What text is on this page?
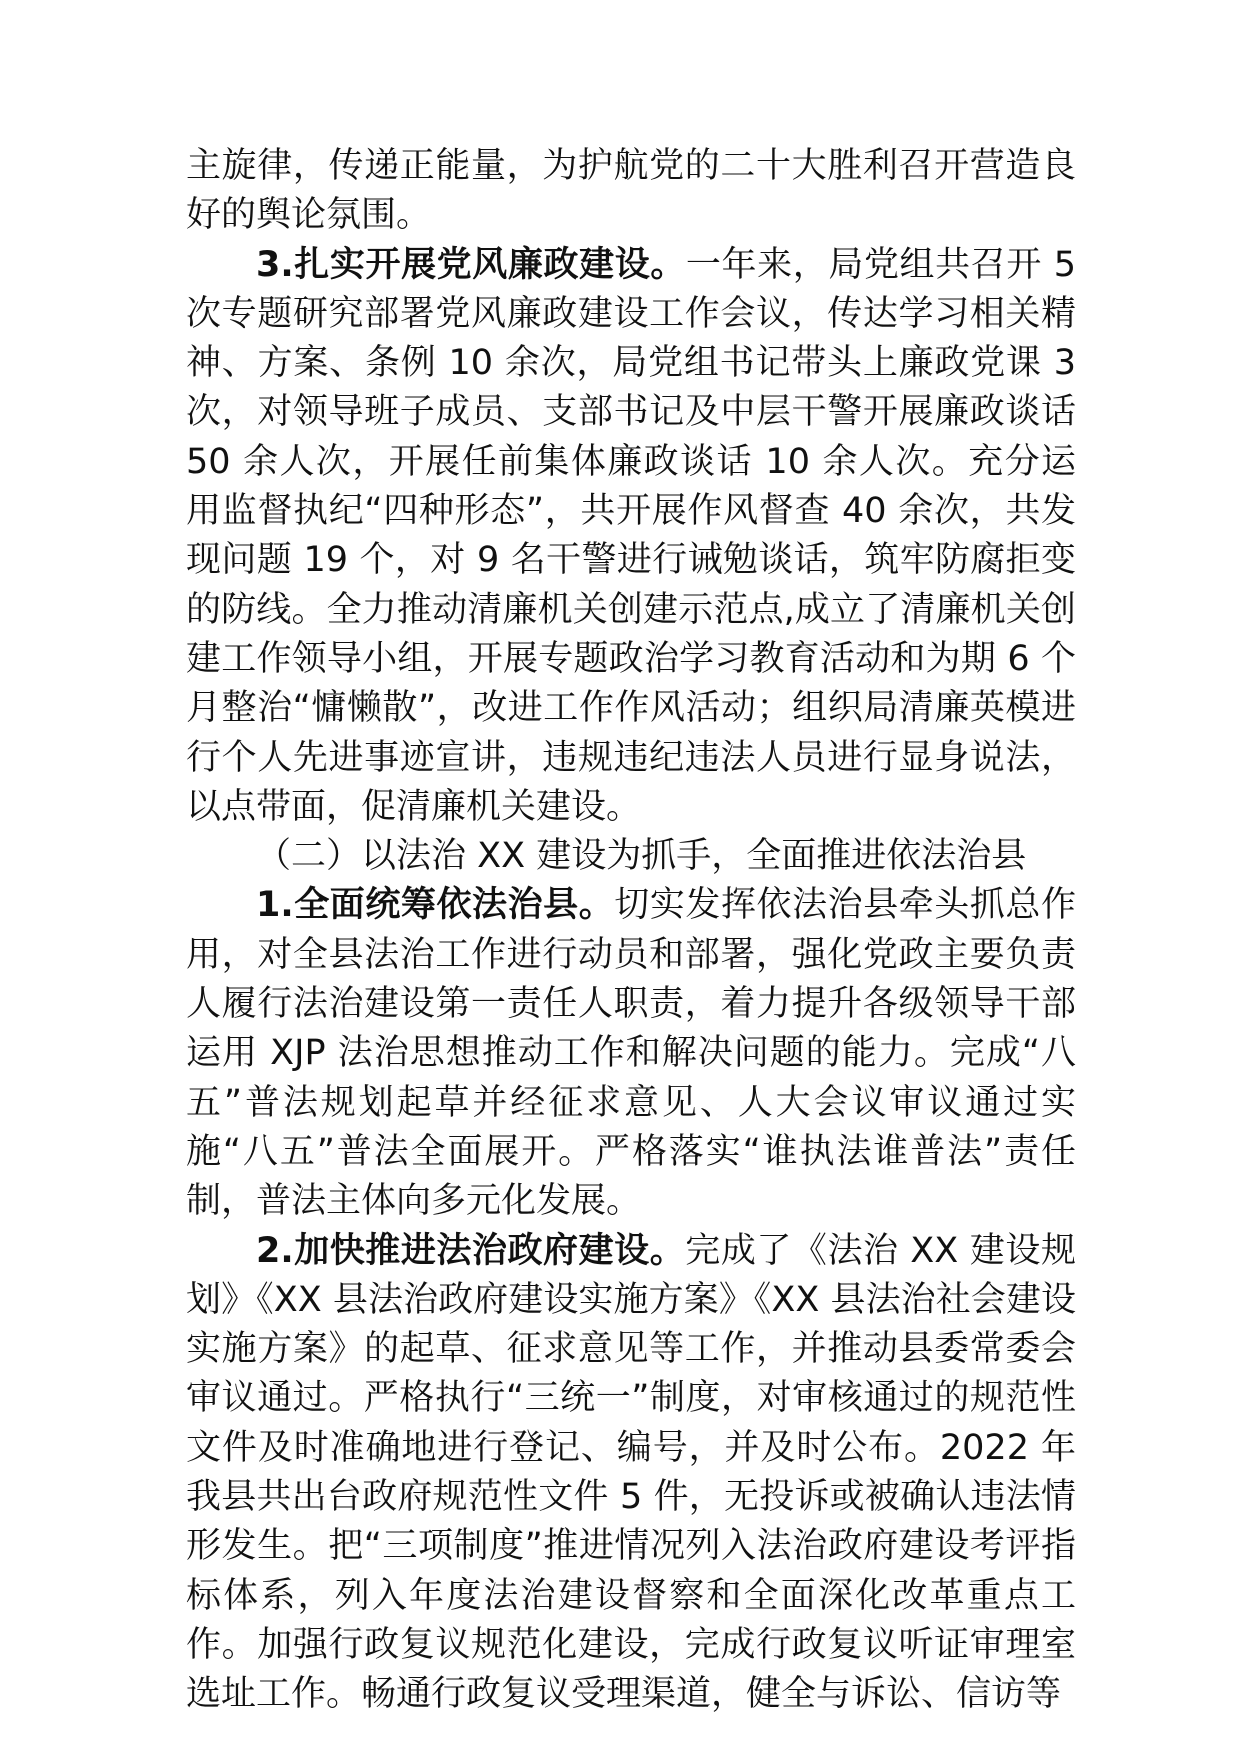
主旋律，传递正能量，为护航党的二十大胜利召开营造良好的舆论氛围。

3.扎实开展党风廉政建设。一年来，局党组共召开 5 次专题研究部署党风廉政建设工作会议，传达学习相关精神、方案、条例 10 余次，局党组书记带头上廉政党课 3 次，对领导班子成员、支部书记及中层干警开展廉政谈话 50 余人次，开展任前集体廉政谈话 10 余人次。充分运用监督执纪“四种形态”，共开展作风督查 40 余次，共发现问题 19 个，对 9 名干警进行诫勉谈话，筑牢防腐拒变的防线。全力推动清廉机关创建示范点,成立了清廉机关创建工作领导小组，开展专题政治学习教育活动和为期 6 个月整治“慵懒散”，改进工作作风活动；组织局清廉英模进行个人先进事迹宣讲，违规违纪违法人员进行显身说法，以点带面，促清廉机关建设。

（二）以法治 XX 建设为抓手，全面推进依法治县

1.全面统筹依法治县。切实发挥依法治县牵头抓总作用，对全县法治工作进行动员和部署，强化党政主要负责人履行法治建设第一责任人职责，着力提升各级领导干部运用 XJP 法治思想推动工作和解决问题的能力。完成“八五”普法规划起草并经征求意见、人大会议审议通过实施“八五”普法全面展开。严格落实“谁执法谁普法”责任制，普法主体向多元化发展。

2.加快推进法治政府建设。完成了《法治 XX 建设规划》《XX 县法治政府建设实施方案》《XX 县法治社会建设实施方案》的起草、征求意见等工作，并推动县委常委会审议通过。严格执行“三统一”制度，对审核通过的规范性文件及时准确地进行登记、编号，并及时公布。2022 年我县共出台政府规范性文件 5 件，无投诉或被确认违法情形发生。把“三项制度”推进情况列入法治政府建设考评指标体系，列入年度法治建设督察和全面深化改革重点工作。加强行政复议规范化建设，完成行政复议听证审理室选址工作。畅通行政复议受理渠道，健全与诉讼、信访等
